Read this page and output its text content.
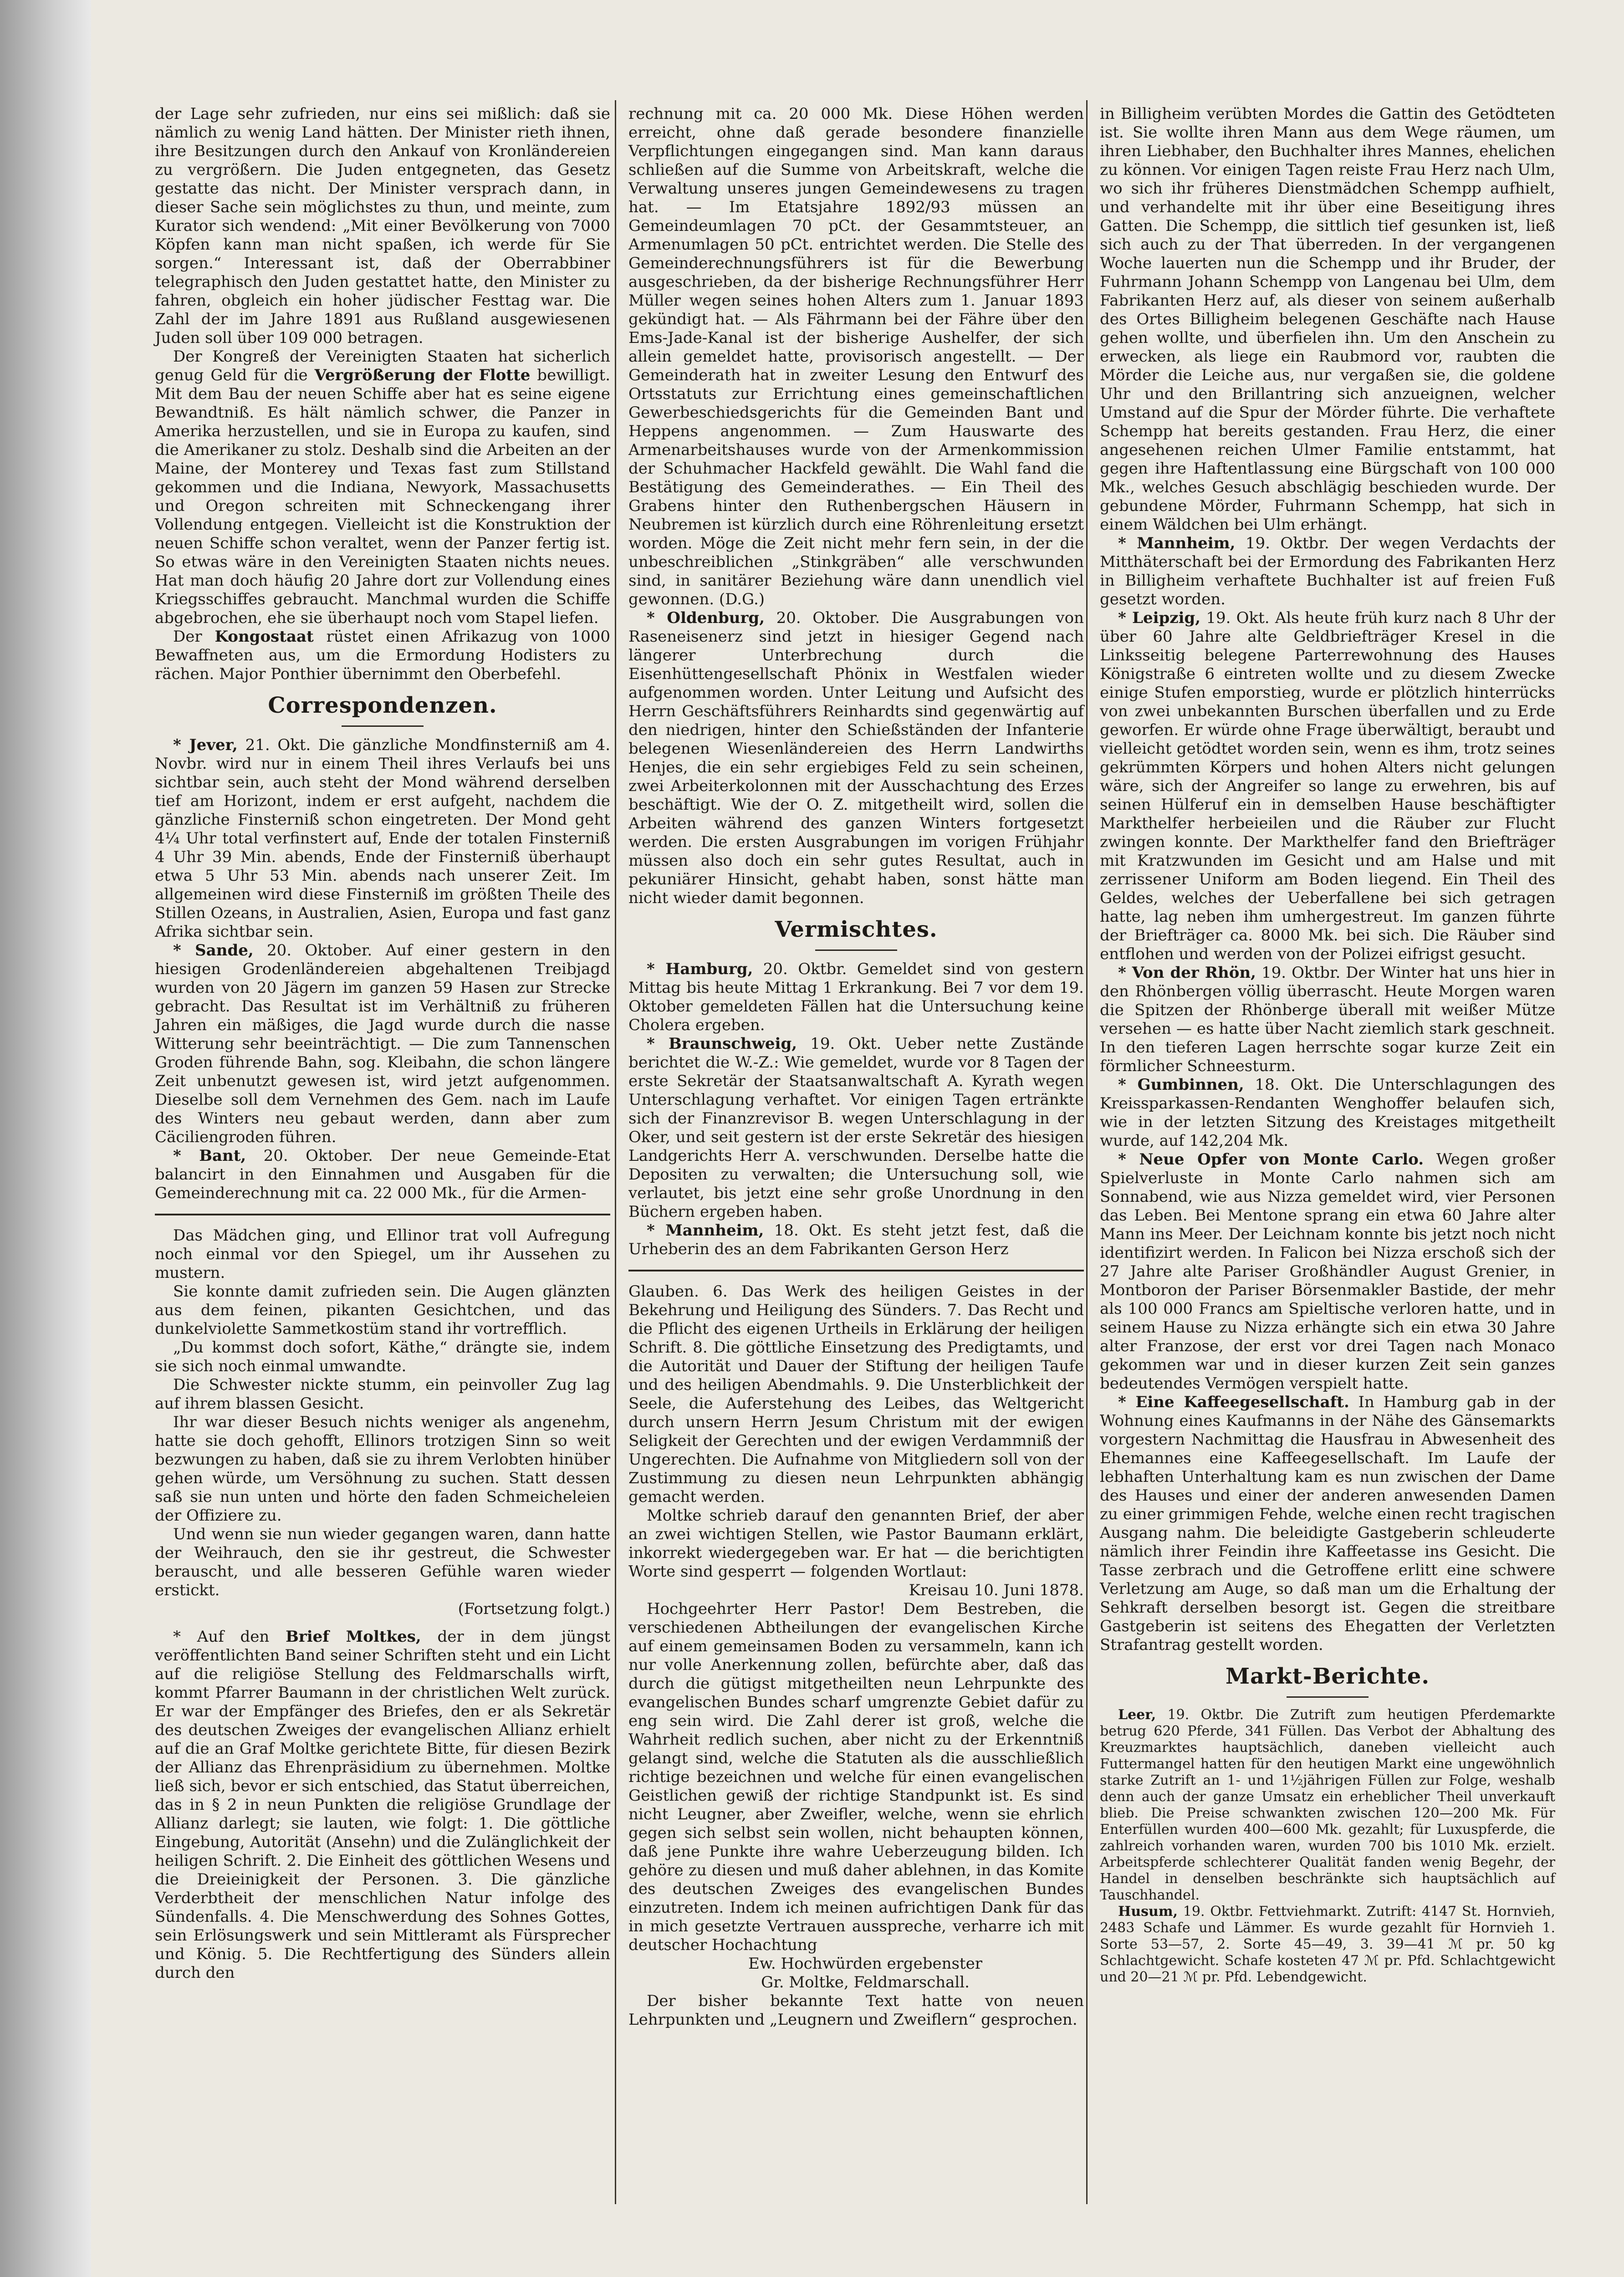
der Lage sehr zufrieden, nur eins sei mißlich: daß sie nämlich zu wenig Land hätten. Der Minister rieth ihnen, ihre Besitzungen durch den Ankauf von Kronländereien zu vergrößern. Die Juden entgegneten, das Gesetz gestatte das nicht. Der Minister versprach dann, in dieser Sache sein möglichstes zu thun, und meinte, zum Kurator sich wendend: „Mit einer Bevölkerung von 7000 Köpfen kann man nicht spaßen, ich werde für Sie sorgen.“ Interessant ist, daß der Oberrabbiner telegraphisch den Juden gestattet hatte, den Minister zu fahren, obgleich ein hoher jüdischer Festtag war. Die Zahl der im Jahre 1891 aus Rußland ausgewiesenen Juden soll über 109 000 betragen.

Der Kongreß der Vereinigten Staaten hat sicherlich genug Geld für die Vergrößerung der Flotte bewilligt. Mit dem Bau der neuen Schiffe aber hat es seine eigene Bewandtniß. Es hält nämlich schwer, die Panzer in Amerika herzustellen, und sie in Europa zu kaufen, sind die Amerikaner zu stolz. Deshalb sind die Arbeiten an der Maine, der Monterey und Texas fast zum Stillstand gekommen und die Indiana, Newyork, Massachusetts und Oregon schreiten mit Schneckengang ihrer Vollendung entgegen. Vielleicht ist die Konstruktion der neuen Schiffe schon veraltet, wenn der Panzer fertig ist. So etwas wäre in den Vereinigten Staaten nichts neues. Hat man doch häufig 20 Jahre dort zur Vollendung eines Kriegsschiffes gebraucht. Manchmal wurden die Schiffe abgebrochen, ehe sie überhaupt noch vom Stapel liefen.

Der Kongostaat rüstet einen Afrikazug von 1000 Bewaffneten aus, um die Ermordung Hodisters zu rächen. Major Ponthier übernimmt den Oberbefehl.

Correspondenzen.

* Jever, 21. Okt. Die gänzliche Mondfinsterniß am 4. Novbr. wird nur in einem Theil ihres Verlaufs bei uns sichtbar sein, auch steht der Mond während derselben tief am Horizont, indem er erst aufgeht, nachdem die gänzliche Finsterniß schon eingetreten. Der Mond geht 4¼ Uhr total verfinstert auf, Ende der totalen Finsterniß 4 Uhr 39 Min. abends, Ende der Finsterniß überhaupt etwa 5 Uhr 53 Min. abends nach unserer Zeit. Im allgemeinen wird diese Finsterniß im größten Theile des Stillen Ozeans, in Australien, Asien, Europa und fast ganz Afrika sichtbar sein.

* Sande, 20. Oktober. Auf einer gestern in den hiesigen Grodenländereien abgehaltenen Treibjagd wurden von 20 Jägern im ganzen 59 Hasen zur Strecke gebracht. Das Resultat ist im Verhältniß zu früheren Jahren ein mäßiges, die Jagd wurde durch die nasse Witterung sehr beeinträchtigt. — Die zum Tannenschen Groden führende Bahn, sog. Kleibahn, die schon längere Zeit unbenutzt gewesen ist, wird jetzt aufgenommen. Dieselbe soll dem Vernehmen des Gem. nach im Laufe des Winters neu gebaut werden, dann aber zum Cäciliengroden führen.

* Bant, 20. Oktober. Der neue Gemeinde-Etat balancirt in den Einnahmen und Ausgaben für die Gemeinderechnung mit ca. 22 000 Mk., für die Armen-

Das Mädchen ging, und Ellinor trat voll Aufregung noch einmal vor den Spiegel, um ihr Aussehen zu mustern.

Sie konnte damit zufrieden sein. Die Augen glänzten aus dem feinen, pikanten Gesichtchen, und das dunkelviolette Sammetkostüm stand ihr vortrefflich.

„Du kommst doch sofort, Käthe,“ drängte sie, indem sie sich noch einmal umwandte.

Die Schwester nickte stumm, ein peinvoller Zug lag auf ihrem blassen Gesicht.

Ihr war dieser Besuch nichts weniger als angenehm, hatte sie doch gehofft, Ellinors trotzigen Sinn so weit bezwungen zu haben, daß sie zu ihrem Verlobten hinüber gehen würde, um Versöhnung zu suchen. Statt dessen saß sie nun unten und hörte den faden Schmeicheleien der Offiziere zu.

Und wenn sie nun wieder gegangen waren, dann hatte der Weihrauch, den sie ihr gestreut, die Schwester berauscht, und alle besseren Gefühle waren wieder erstickt.

(Fortsetzung folgt.)

* Auf den Brief Moltkes, der in dem jüngst veröffentlichten Band seiner Schriften steht und ein Licht auf die religiöse Stellung des Feldmarschalls wirft, kommt Pfarrer Baumann in der christlichen Welt zurück. Er war der Empfänger des Briefes, den er als Sekretär des deutschen Zweiges der evangelischen Allianz erhielt auf die an Graf Moltke gerichtete Bitte, für diesen Bezirk der Allianz das Ehrenpräsidium zu übernehmen. Moltke ließ sich, bevor er sich entschied, das Statut überreichen, das in § 2 in neun Punkten die religiöse Grundlage der Allianz darlegt; sie lauten, wie folgt: 1. Die göttliche Eingebung, Autorität (Ansehn) und die Zulänglichkeit der heiligen Schrift. 2. Die Einheit des göttlichen Wesens und die Dreieinigkeit der Personen. 3. Die gänzliche Verderbtheit der menschlichen Natur infolge des Sündenfalls. 4. Die Menschwerdung des Sohnes Gottes, sein Erlösungswerk und sein Mittleramt als Fürsprecher und König. 5. Die Rechtfertigung des Sünders allein durch den

rechnung mit ca. 20 000 Mk. Diese Höhen werden erreicht, ohne daß gerade besondere finanzielle Verpflichtungen eingegangen sind. Man kann daraus schließen auf die Summe von Arbeitskraft, welche die Verwaltung unseres jungen Gemeindewesens zu tragen hat. — Im Etatsjahre 1892/93 müssen an Gemeindeumlagen 70 pCt. der Gesammtsteuer, an Armenumlagen 50 pCt. entrichtet werden. Die Stelle des Gemeinderechnungsführers ist für die Bewerbung ausgeschrieben, da der bisherige Rechnungsführer Herr Müller wegen seines hohen Alters zum 1. Januar 1893 gekündigt hat. — Als Fährmann bei der Fähre über den Ems-Jade-Kanal ist der bisherige Aushelfer, der sich allein gemeldet hatte, provisorisch angestellt. — Der Gemeinderath hat in zweiter Lesung den Entwurf des Ortsstatuts zur Errichtung eines gemeinschaftlichen Gewerbeschiedsgerichts für die Gemeinden Bant und Heppens angenommen. — Zum Hauswarte des Armenarbeitshauses wurde von der Armenkommission der Schuhmacher Hackfeld gewählt. Die Wahl fand die Bestätigung des Gemeinderathes. — Ein Theil des Grabens hinter den Ruthenbergschen Häusern in Neubremen ist kürzlich durch eine Röhrenleitung ersetzt worden. Möge die Zeit nicht mehr fern sein, in der die unbeschreiblichen „Stinkgräben“ alle verschwunden sind, in sanitärer Beziehung wäre dann unendlich viel gewonnen. (D.G.)

* Oldenburg, 20. Oktober. Die Ausgrabungen von Raseneisenerz sind jetzt in hiesiger Gegend nach längerer Unterbrechung durch die Eisenhüttengesellschaft Phönix in Westfalen wieder aufgenommen worden. Unter Leitung und Aufsicht des Herrn Geschäftsführers Reinhardts sind gegenwärtig auf den niedrigen, hinter den Schießständen der Infanterie belegenen Wiesenländereien des Herrn Landwirths Henjes, die ein sehr ergiebiges Feld zu sein scheinen, zwei Arbeiterkolonnen mit der Ausschachtung des Erzes beschäftigt. Wie der O. Z. mitgetheilt wird, sollen die Arbeiten während des ganzen Winters fortgesetzt werden. Die ersten Ausgrabungen im vorigen Frühjahr müssen also doch ein sehr gutes Resultat, auch in pekuniärer Hinsicht, gehabt haben, sonst hätte man nicht wieder damit begonnen.

Vermischtes.

* Hamburg, 20. Oktbr. Gemeldet sind von gestern Mittag bis heute Mittag 1 Erkrankung. Bei 7 vor dem 19. Oktober gemeldeten Fällen hat die Untersuchung keine Cholera ergeben.

* Braunschweig, 19. Okt. Ueber nette Zustände berichtet die W.-Z.: Wie gemeldet, wurde vor 8 Tagen der erste Sekretär der Staatsanwaltschaft A. Kyrath wegen Unterschlagung verhaftet. Vor einigen Tagen ertränkte sich der Finanzrevisor B. wegen Unterschlagung in der Oker, und seit gestern ist der erste Sekretär des hiesigen Landgerichts Herr A. verschwunden. Derselbe hatte die Depositen zu verwalten; die Untersuchung soll, wie verlautet, bis jetzt eine sehr große Unordnung in den Büchern ergeben haben.

* Mannheim, 18. Okt. Es steht jetzt fest, daß die Urheberin des an dem Fabrikanten Gerson Herz

Glauben. 6. Das Werk des heiligen Geistes in der Bekehrung und Heiligung des Sünders. 7. Das Recht und die Pflicht des eigenen Urtheils in Erklärung der heiligen Schrift. 8. Die göttliche Einsetzung des Predigtamts, und die Autorität und Dauer der Stiftung der heiligen Taufe und des heiligen Abendmahls. 9. Die Unsterblichkeit der Seele, die Auferstehung des Leibes, das Weltgericht durch unsern Herrn Jesum Christum mit der ewigen Seligkeit der Gerechten und der ewigen Verdammniß der Ungerechten. Die Aufnahme von Mitgliedern soll von der Zustimmung zu diesen neun Lehrpunkten abhängig gemacht werden.

Moltke schrieb darauf den genannten Brief, der aber an zwei wichtigen Stellen, wie Pastor Baumann erklärt, inkorrekt wiedergegeben war. Er hat — die berichtigten Worte sind gesperrt — folgenden Wortlaut:

Kreisau 10. Juni 1878.

Hochgeehrter Herr Pastor! Dem Bestreben, die verschiedenen Abtheilungen der evangelischen Kirche auf einem gemeinsamen Boden zu versammeln, kann ich nur volle Anerkennung zollen, befürchte aber, daß das durch die gütigst mitgetheilten neun Lehrpunkte des evangelischen Bundes scharf umgrenzte Gebiet dafür zu eng sein wird. Die Zahl derer ist groß, welche die Wahrheit redlich suchen, aber nicht zu der Erkenntniß gelangt sind, welche die Statuten als die ausschließlich richtige bezeichnen und welche für einen evangelischen Geistlichen gewiß der richtige Standpunkt ist. Es sind nicht Leugner, aber Zweifler, welche, wenn sie ehrlich gegen sich selbst sein wollen, nicht behaupten können, daß jene Punkte ihre wahre Ueberzeugung bilden. Ich gehöre zu diesen und muß daher ablehnen, in das Komite des deutschen Zweiges des evangelischen Bundes einzutreten. Indem ich meinen aufrichtigen Dank für das in mich gesetzte Vertrauen ausspreche, verharre ich mit deutscher Hochachtung

Ew. Hochwürden ergebenster

Gr. Moltke, Feldmarschall.

Der bisher bekannte Text hatte von neuen Lehrpunkten und „Leugnern und Zweiflern“ gesprochen.

in Billigheim verübten Mordes die Gattin des Getödteten ist. Sie wollte ihren Mann aus dem Wege räumen, um ihren Liebhaber, den Buchhalter ihres Mannes, ehelichen zu können. Vor einigen Tagen reiste Frau Herz nach Ulm, wo sich ihr früheres Dienstmädchen Schempp aufhielt, und verhandelte mit ihr über eine Beseitigung ihres Gatten. Die Schempp, die sittlich tief gesunken ist, ließ sich auch zu der That überreden. In der vergangenen Woche lauerten nun die Schempp und ihr Bruder, der Fuhrmann Johann Schempp von Langenau bei Ulm, dem Fabrikanten Herz auf, als dieser von seinem außerhalb des Ortes Billigheim belegenen Geschäfte nach Hause gehen wollte, und überfielen ihn. Um den Anschein zu erwecken, als liege ein Raubmord vor, raubten die Mörder die Leiche aus, nur vergaßen sie, die goldene Uhr und den Brillantring sich anzueignen, welcher Umstand auf die Spur der Mörder führte. Die verhaftete Schempp hat bereits gestanden. Frau Herz, die einer angesehenen reichen Ulmer Familie entstammt, hat gegen ihre Haftentlassung eine Bürgschaft von 100 000 Mk., welches Gesuch abschlägig beschieden wurde. Der gebundene Mörder, Fuhrmann Schempp, hat sich in einem Wäldchen bei Ulm erhängt.

* Mannheim, 19. Oktbr. Der wegen Verdachts der Mitthäterschaft bei der Ermordung des Fabrikanten Herz in Billigheim verhaftete Buchhalter ist auf freien Fuß gesetzt worden.

* Leipzig, 19. Okt. Als heute früh kurz nach 8 Uhr der über 60 Jahre alte Geldbriefträger Kresel in die Linksseitig belegene Parterrewohnung des Hauses Königstraße 6 eintreten wollte und zu diesem Zwecke einige Stufen emporstieg, wurde er plötzlich hinterrücks von zwei unbekannten Burschen überfallen und zu Erde geworfen. Er würde ohne Frage überwältigt, beraubt und vielleicht getödtet worden sein, wenn es ihm, trotz seines gekrümmten Körpers und hohen Alters nicht gelungen wäre, sich der Angreifer so lange zu erwehren, bis auf seinen Hülferuf ein in demselben Hause beschäftigter Markthelfer herbeieilen und die Räuber zur Flucht zwingen konnte. Der Markthelfer fand den Briefträger mit Kratzwunden im Gesicht und am Halse und mit zerrissener Uniform am Boden liegend. Ein Theil des Geldes, welches der Ueberfallene bei sich getragen hatte, lag neben ihm umhergestreut. Im ganzen führte der Briefträger ca. 8000 Mk. bei sich. Die Räuber sind entflohen und werden von der Polizei eifrigst gesucht.

* Von der Rhön, 19. Oktbr. Der Winter hat uns hier in den Rhönbergen völlig überrascht. Heute Morgen waren die Spitzen der Rhönberge überall mit weißer Mütze versehen — es hatte über Nacht ziemlich stark geschneit. In den tieferen Lagen herrschte sogar kurze Zeit ein förmlicher Schneesturm.

* Gumbinnen, 18. Okt. Die Unterschlagungen des Kreissparkassen-Rendanten Wenghoffer belaufen sich, wie in der letzten Sitzung des Kreistages mitgetheilt wurde, auf 142,204 Mk.

* Neue Opfer von Monte Carlo. Wegen großer Spielverluste in Monte Carlo nahmen sich am Sonnabend, wie aus Nizza gemeldet wird, vier Personen das Leben. Bei Mentone sprang ein etwa 60 Jahre alter Mann ins Meer. Der Leichnam konnte bis jetzt noch nicht identifizirt werden. In Falicon bei Nizza erschoß sich der 27 Jahre alte Pariser Großhändler August Grenier, in Montboron der Pariser Börsenmakler Bastide, der mehr als 100 000 Francs am Spieltische verloren hatte, und in seinem Hause zu Nizza erhängte sich ein etwa 30 Jahre alter Franzose, der erst vor drei Tagen nach Monaco gekommen war und in dieser kurzen Zeit sein ganzes bedeutendes Vermögen verspielt hatte.

* Eine Kaffeegesellschaft. In Hamburg gab in der Wohnung eines Kaufmanns in der Nähe des Gänsemarkts vorgestern Nachmittag die Hausfrau in Abwesenheit des Ehemannes eine Kaffeegesellschaft. Im Laufe der lebhaften Unterhaltung kam es nun zwischen der Dame des Hauses und einer der anderen anwesenden Damen zu einer grimmigen Fehde, welche einen recht tragischen Ausgang nahm. Die beleidigte Gastgeberin schleuderte nämlich ihrer Feindin ihre Kaffeetasse ins Gesicht. Die Tasse zerbrach und die Getroffene erlitt eine schwere Verletzung am Auge, so daß man um die Erhaltung der Sehkraft derselben besorgt ist. Gegen die streitbare Gastgeberin ist seitens des Ehegatten der Verletzten Strafantrag gestellt worden.

Markt-Berichte.

Leer, 19. Oktbr. Die Zutrift zum heutigen Pferdemarkte betrug 620 Pferde, 341 Füllen. Das Verbot der Abhaltung des Kreuzmarktes hauptsächlich, daneben vielleicht auch Futtermangel hatten für den heutigen Markt eine ungewöhnlich starke Zutrift an 1- und 1½jährigen Füllen zur Folge, weshalb denn auch der ganze Umsatz ein erheblicher Theil unverkauft blieb. Die Preise schwankten zwischen 120—200 Mk. Für Enterfüllen wurden 400—600 Mk. gezahlt; für Luxuspferde, die zahlreich vorhanden waren, wurden 700 bis 1010 Mk. erzielt. Arbeitspferde schlechterer Qualität fanden wenig Begehr, der Handel in denselben beschränkte sich hauptsächlich auf Tauschhandel.

Husum, 19. Oktbr. Fettviehmarkt. Zutrift: 4147 St. Hornvieh, 2483 Schafe und Lämmer. Es wurde gezahlt für Hornvieh 1. Sorte 53—57, 2. Sorte 45—49, 3. 39—41 ℳ pr. 50 kg Schlachtgewicht. Schafe kosteten 47 ℳ pr. Pfd. Schlachtgewicht und 20—21 ℳ pr. Pfd. Lebendgewicht.
